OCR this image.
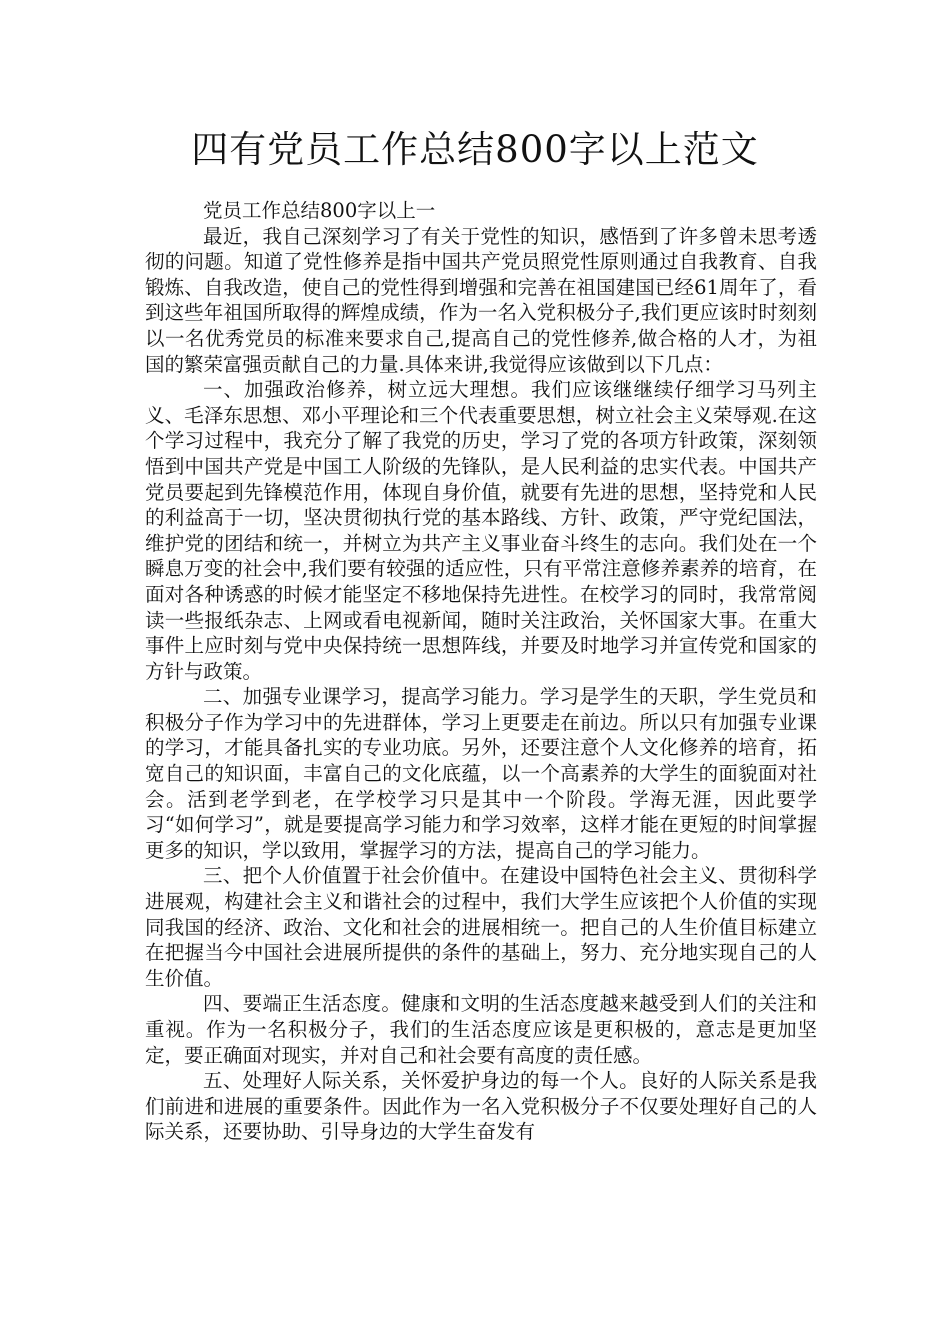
四有党员工作总结800字以上范文

党员工作总结800字以上一

最近，我自己深刻学习了有关于党性的知识，感悟到了许多曾未思考透彻的问题。知道了党性修养是指中国共产党员照党性原则通过自我教育、自我锻炼、自我改造，使自己的党性得到增强和完善在祖国建国已经61周年了，看到这些年祖国所取得的辉煌成绩，作为一名入党积极分子,我们更应该时时刻刻以一名优秀党员的标准来要求自己,提高自己的党性修养,做合格的人才，为祖国的繁荣富强贡献自己的力量.具体来讲,我觉得应该做到以下几点：

一、加强政治修养，树立远大理想。我们应该继继续仔细学习马列主义、毛泽东思想、邓小平理论和三个代表重要思想，树立社会主义荣辱观.在这个学习过程中，我充分了解了我党的历史，学习了党的各项方针政策，深刻领悟到中国共产党是中国工人阶级的先锋队，是人民利益的忠实代表。中国共产党员要起到先锋模范作用，体现自身价值，就要有先进的思想，坚持党和人民的利益高于一切，坚决贯彻执行党的基本路线、方针、政策，严守党纪国法，维护党的团结和统一，并树立为共产主义事业奋斗终生的志向。我们处在一个瞬息万变的社会中,我们要有较强的适应性，只有平常注意修养素养的培育，在面对各种诱惑的时候才能坚定不移地保持先进性。在校学习的同时，我常常阅读一些报纸杂志、上网或看电视新闻，随时关注政治，关怀国家大事。在重大事件上应时刻与党中央保持统一思想阵线，并要及时地学习并宣传党和国家的方针与政策。

二、加强专业课学习，提高学习能力。学习是学生的天职，学生党员和积极分子作为学习中的先进群体，学习上更要走在前边。所以只有加强专业课的学习，才能具备扎实的专业功底。另外，还要注意个人文化修养的培育，拓宽自己的知识面，丰富自己的文化底蕴，以一个高素养的大学生的面貌面对社会。活到老学到老，在学校学习只是其中一个阶段。学海无涯，因此要学习“如何学习”，就是要提高学习能力和学习效率，这样才能在更短的时间掌握更多的知识，学以致用，掌握学习的方法，提高自己的学习能力。

三、把个人价值置于社会价值中。在建设中国特色社会主义、贯彻科学进展观，构建社会主义和谐社会的过程中，我们大学生应该把个人价值的实现同我国的经济、政治、文化和社会的进展相统一。把自己的人生价值目标建立在把握当今中国社会进展所提供的条件的基础上，努力、充分地实现自己的人生价值。

四、要端正生活态度。健康和文明的生活态度越来越受到人们的关注和重视。作为一名积极分子，我们的生活态度应该是更积极的，意志是更加坚定，要正确面对现实，并对自己和社会要有高度的责任感。

五、处理好人际关系，关怀爱护身边的每一个人。良好的人际关系是我们前进和进展的重要条件。因此作为一名入党积极分子不仅要处理好自己的人际关系，还要协助、引导身边的大学生奋发有
